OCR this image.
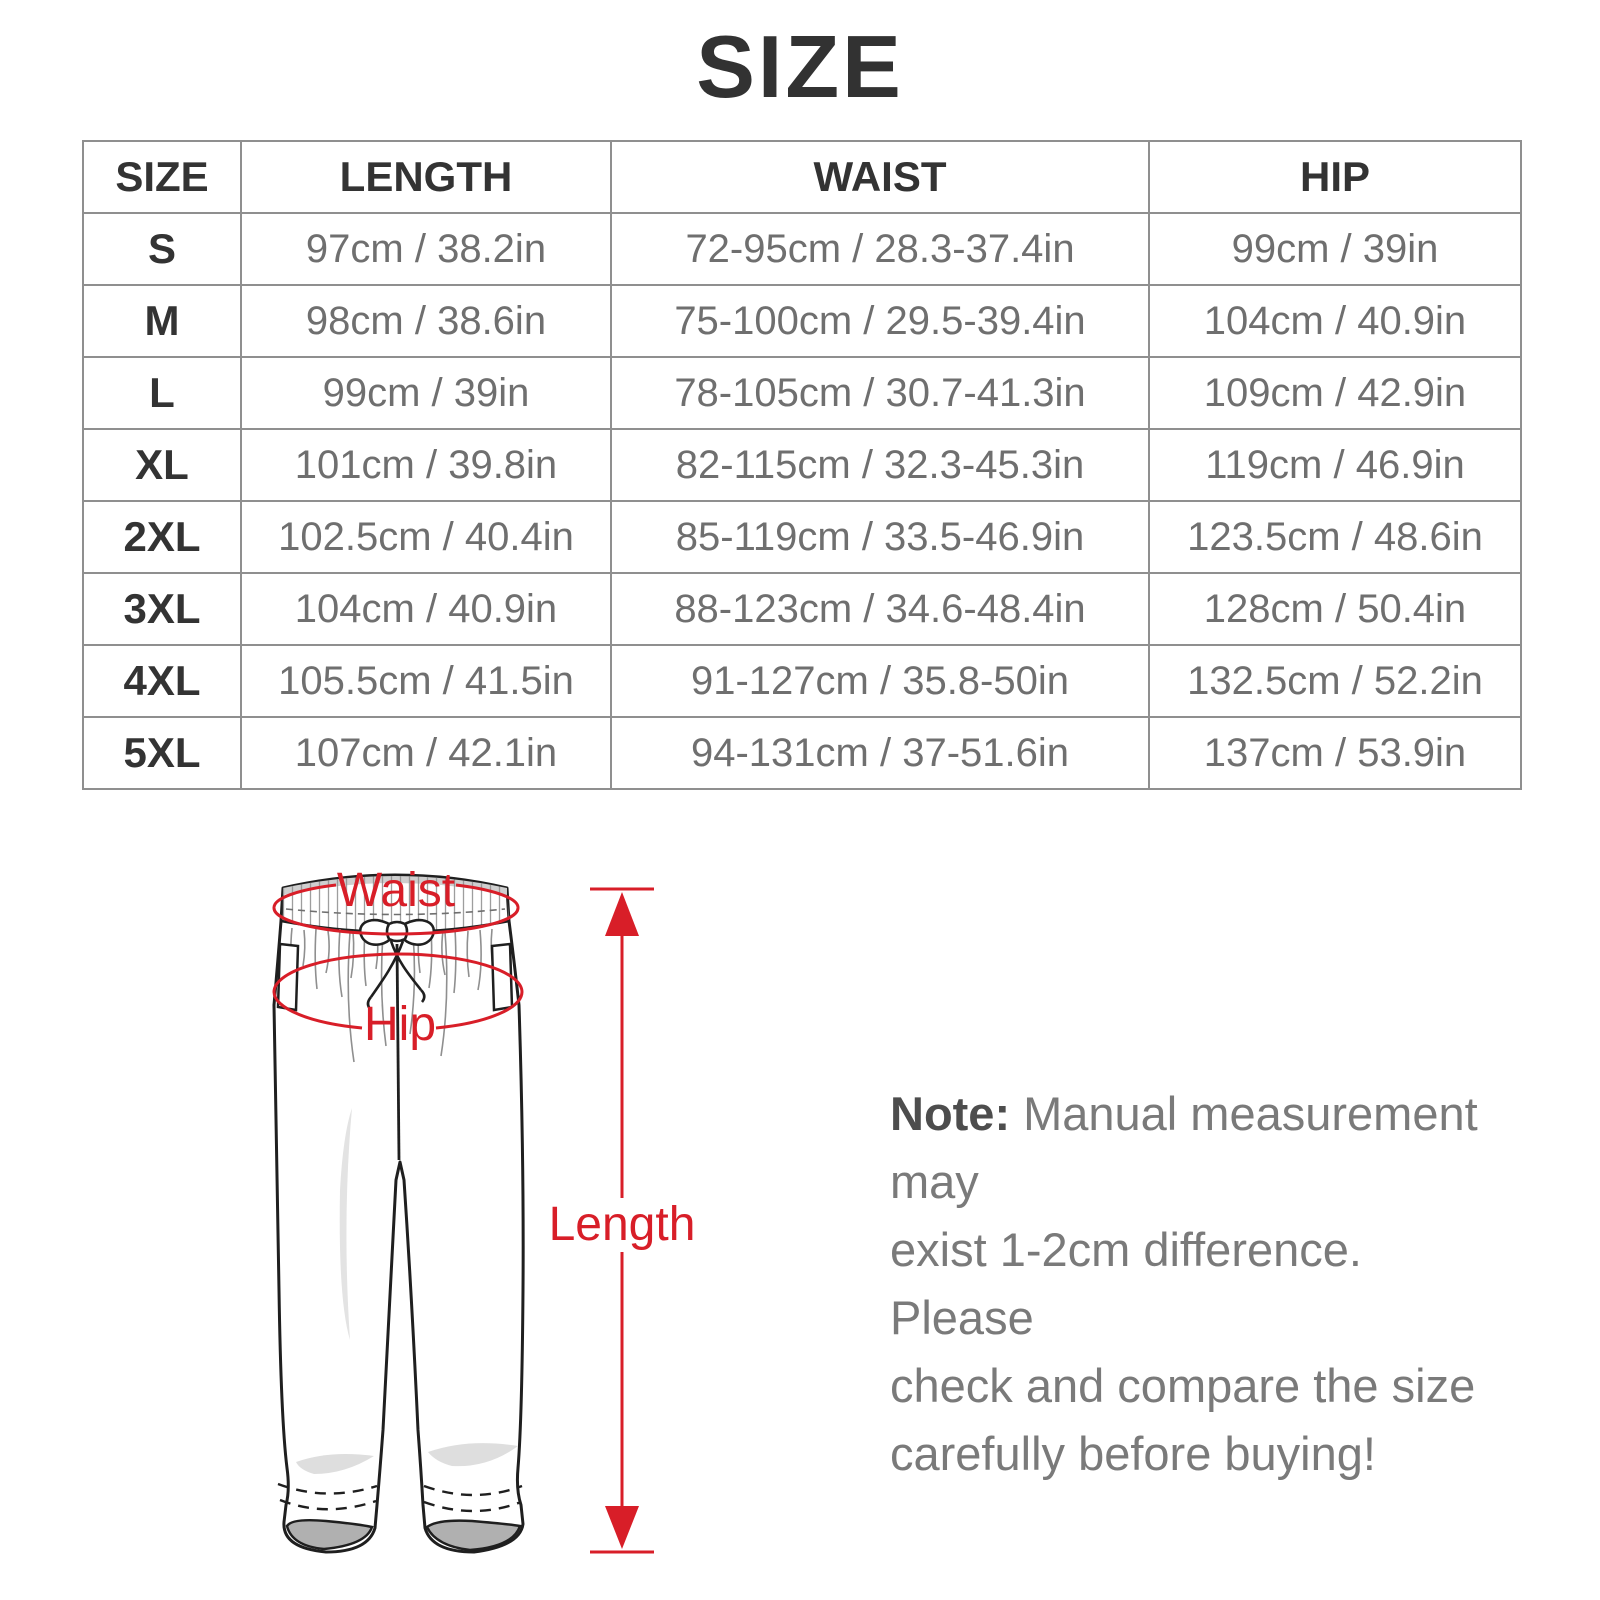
SIZE
SIZE	LENGTH	WAIST	HIP
S	97cm / 38.2in	72-95cm / 28.3-37.4in	99cm / 39in
M	98cm / 38.6in	75-100cm / 29.5-39.4in	104cm / 40.9in
L	99cm / 39in	78-105cm / 30.7-41.3in	109cm / 42.9in
XL	101cm / 39.8in	82-115cm / 32.3-45.3in	119cm / 46.9in
2XL	102.5cm / 40.4in	85-119cm / 33.5-46.9in	123.5cm / 48.6in
3XL	104cm / 40.9in	88-123cm / 34.6-48.4in	128cm / 50.4in
4XL	105.5cm / 41.5in	91-127cm / 35.8-50in	132.5cm / 52.2in
5XL	107cm / 42.1in	94-131cm / 37-51.6in	137cm / 53.9in
Waist
Hip
Length
Note: Manual measurement may
exist 1-2cm difference. Please
check and compare the size
carefully before buying!
